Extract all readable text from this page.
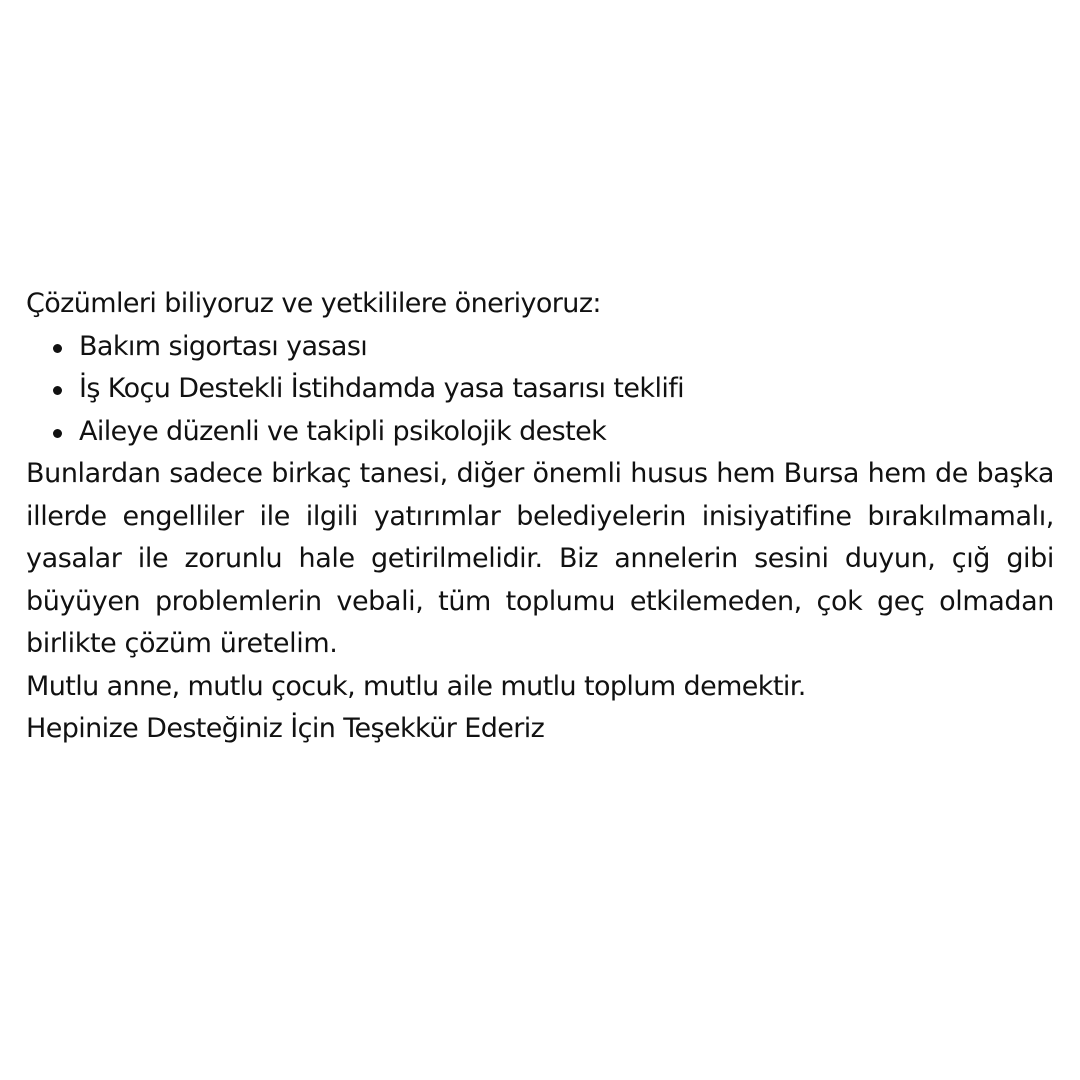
Çözümleri biliyoruz ve yetkililere öneriyoruz:

Bakım sigortası yasası
İş Koçu Destekli İstihdamda yasa tasarısı teklifi
Aileye düzenli ve takipli psikolojik destek

Bunlardan sadece birkaç tanesi, diğer önemli husus hem Bursa hem de başka illerde engelliler ile ilgili yatırımlar belediyelerin inisiyatifine bırakılmamalı, yasalar ile zorunlu hale getirilmelidir. Biz annelerin sesini duyun, çığ gibi büyüyen problemlerin vebali, tüm toplumu etkilemeden, çok geç olmadan birlikte çözüm üretelim.

Mutlu anne, mutlu çocuk, mutlu aile mutlu toplum demektir.

Hepinize Desteğiniz İçin Teşekkür Ederiz
